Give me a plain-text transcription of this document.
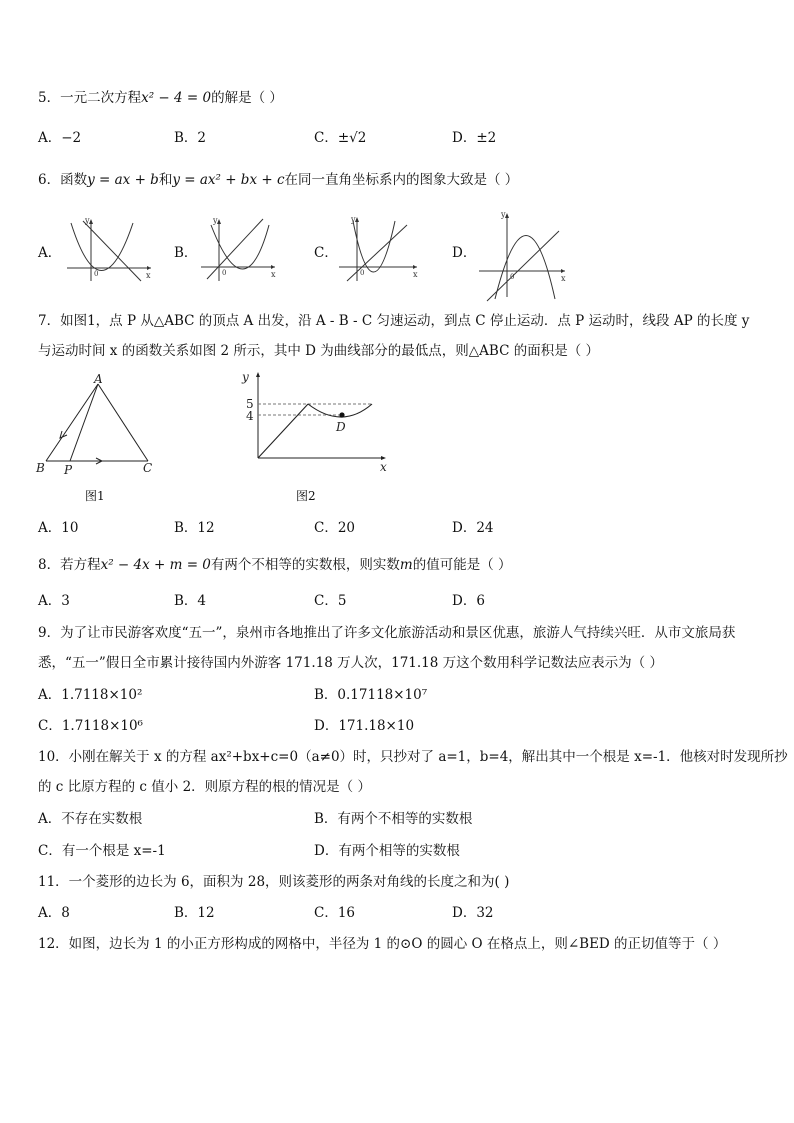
5．一元二次方程x² − 4 = 0的解是（ ）
A．−2	B．2	C．±√2	D．±2
6．函数y = ax + b和y = ax² + bx + c在同一直角坐标系内的图象大致是（ ）
A．
y
x
0
B．
y
x
0
C．
y
x
0
D．
y
x
0
7．如图1，点 P 从△ABC 的顶点 A 出发，沿 A - B - C 匀速运动，到点 C 停止运动．点 P 运动时，线段 AP 的长度 y
与运动时间 x 的函数关系如图 2 所示，其中 D 为曲线部分的最低点，则△ABC 的面积是（ ）
A
B P	C
图1
y
x
5
4
D
图2
A．10	B．12	C．20	D．24
8．若方程x² − 4x + m = 0有两个不相等的实数根，则实数m的值可能是（ ）
A．3	B．4	C．5	D．6
9．为了让市民游客欢度“五一”，泉州市各地推出了许多文化旅游活动和景区优惠，旅游人气持续兴旺．从市文旅局获
悉，“五一”假日全市累计接待国内外游客 171.18 万人次，171.18 万这个数用科学记数法应表示为（ ）
A．1.7118×10²	B．0.17118×10⁷
C．1.7118×10⁶	D．171.18×10
10．小刚在解关于 x 的方程 ax²+bx+c=0（a≠0）时，只抄对了 a=1，b=4，解出其中一个根是 x=-1．他核对时发现所抄
的 c 比原方程的 c 值小 2．则原方程的根的情况是（ ）
A．不存在实数根	B．有两个不相等的实数根
C．有一个根是 x=-1	D．有两个相等的实数根
11．一个菱形的边长为 6，面积为 28，则该菱形的两条对角线的长度之和为( )
A．8	B．12	C．16	D．32
12．如图，边长为 1 的小正方形构成的网格中，半径为 1 的⊙O 的圆心 O 在格点上，则∠BED 的正切值等于（ ）
